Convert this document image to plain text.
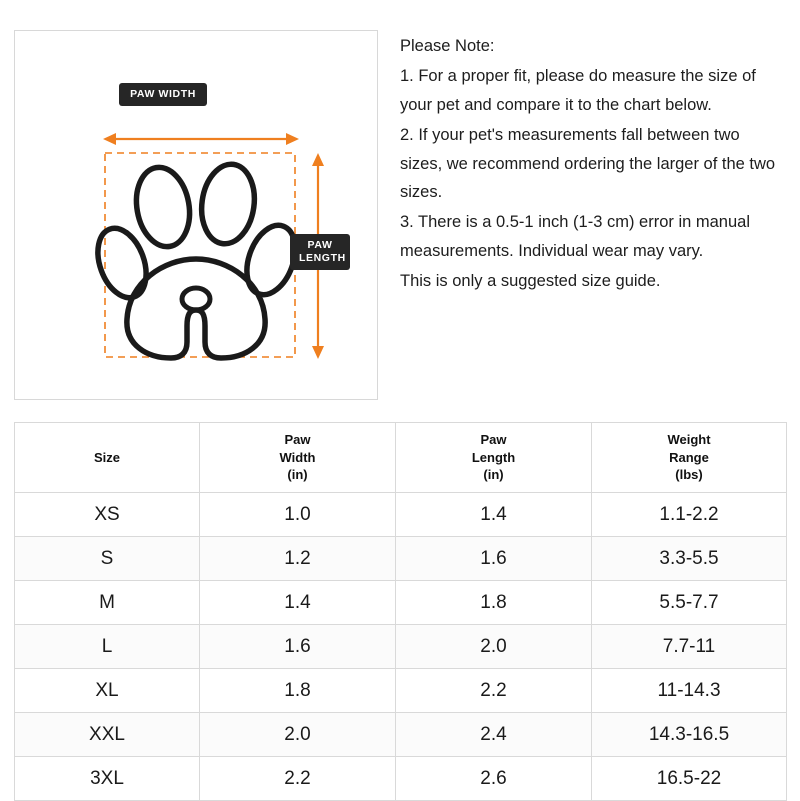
PAW WIDTH
PAW
LENGTH

Please Note:

1. For a proper fit, please do measure the size of your pet and compare it to the chart below.

2. If your pet's measurements fall between two sizes, we recommend ordering the larger of the two sizes.

3. There is a 0.5-1 inch (1-3 cm) error in manual measurements. Individual wear may vary.

This is only a suggested size guide.

Size	Paw
Width
(in)	Paw
Length
(in)	Weight
Range
(lbs)
XS	1.0	1.4	1.1-2.2
S	1.2	1.6	3.3-5.5
M	1.4	1.8	5.5-7.7
L	1.6	2.0	7.7-11
XL	1.8	2.2	11-14.3
XXL	2.0	2.4	14.3-16.5
3XL	2.2	2.6	16.5-22
